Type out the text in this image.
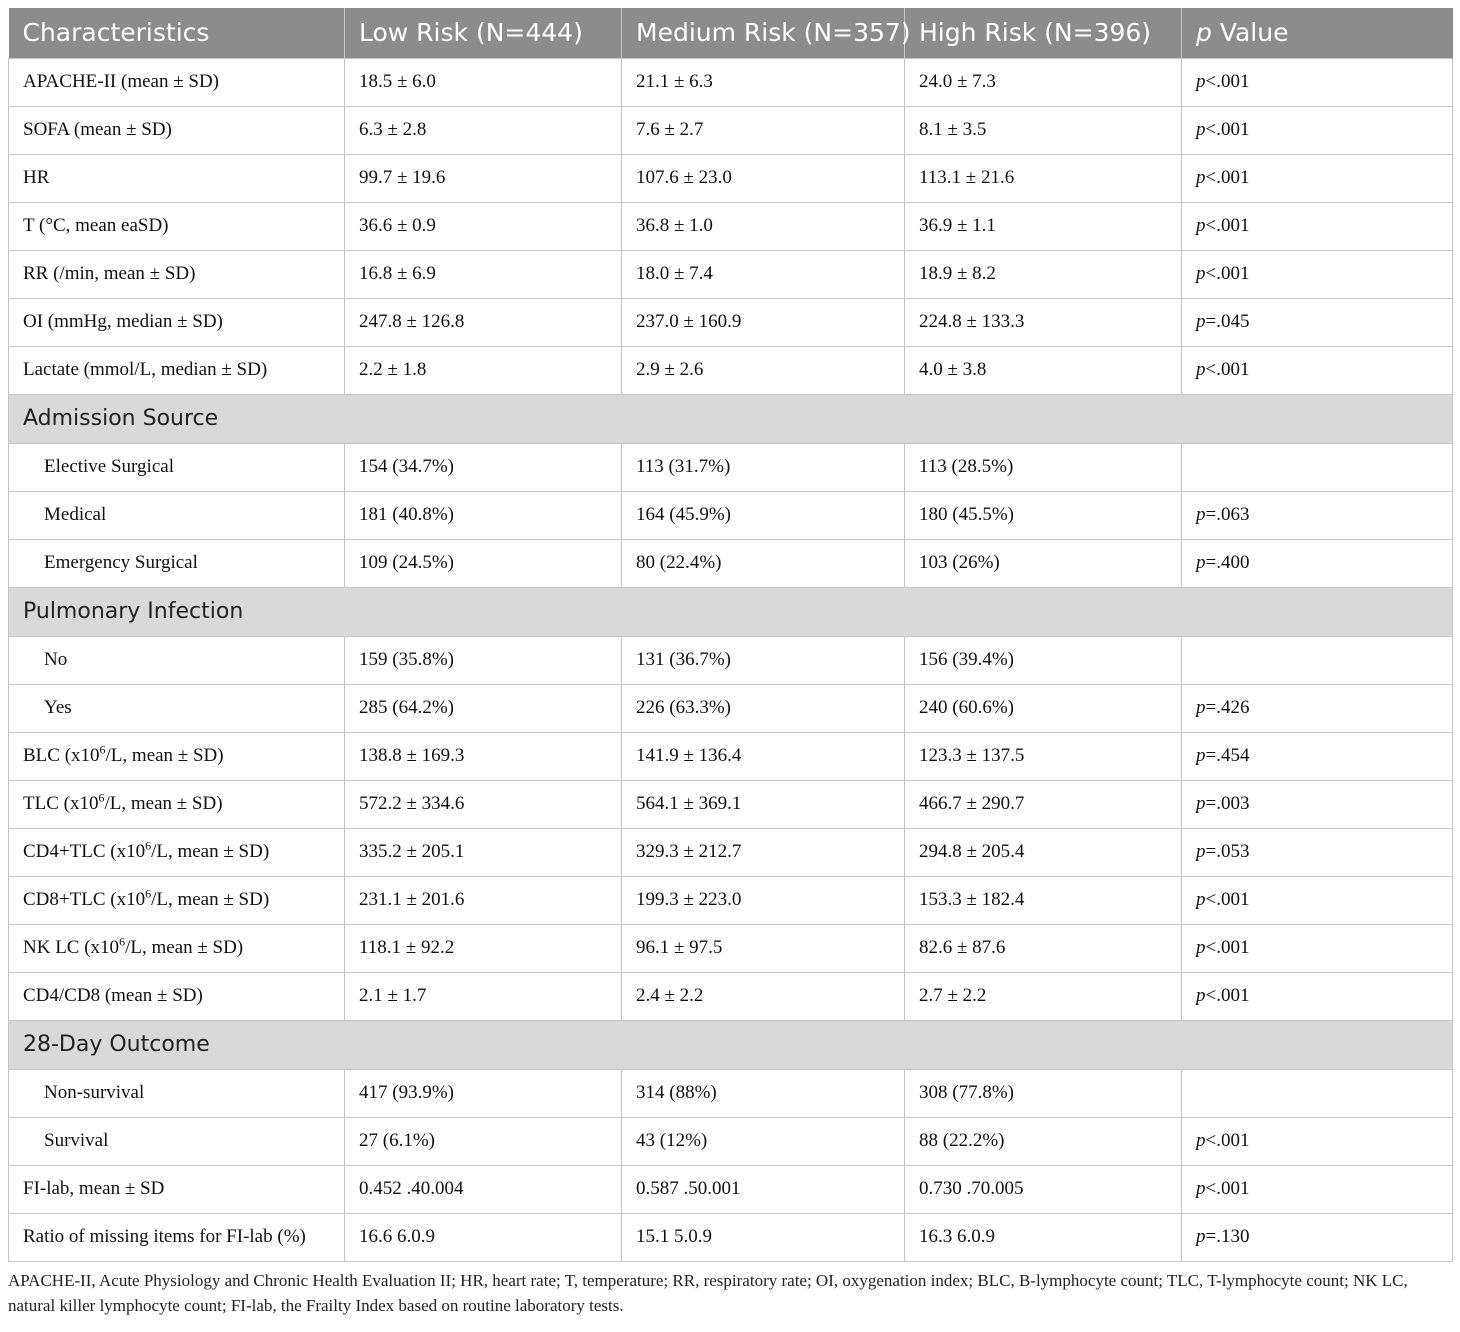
Characteristics	Low Risk (N=444)	Medium Risk (N=357)	High Risk (N=396)	p Value
APACHE-II (mean ± SD)	18.5 ± 6.0	21.1 ± 6.3	24.0 ± 7.3	p<.001
SOFA (mean ± SD)	6.3 ± 2.8	7.6 ± 2.7	8.1 ± 3.5	p<.001
HR	99.7 ± 19.6	107.6 ± 23.0	113.1 ± 21.6	p<.001
T (°C, mean eaSD)	36.6 ± 0.9	36.8 ± 1.0	36.9 ± 1.1	p<.001
RR (/min, mean ± SD)	16.8 ± 6.9	18.0 ± 7.4	18.9 ± 8.2	p<.001
OI (mmHg, median ± SD)	247.8 ± 126.8	237.0 ± 160.9	224.8 ± 133.3	p=.045
Lactate (mmol/L, median ± SD)	2.2 ± 1.8	2.9 ± 2.6	4.0 ± 3.8	p<.001
Admission Source				
Elective Surgical	154 (34.7%)	113 (31.7%)	113 (28.5%)	
Medical	181 (40.8%)	164 (45.9%)	180 (45.5%)	p=.063
Emergency Surgical	109 (24.5%)	80 (22.4%)	103 (26%)	p=.400
Pulmonary Infection				
No	159 (35.8%)	131 (36.7%)	156 (39.4%)	
Yes	285 (64.2%)	226 (63.3%)	240 (60.6%)	p=.426
BLC ($x10^6/L$, mean ± SD)	138.8 ± 169.3	141.9 ± 136.4	123.3 ± 137.5	p=.454
TLC ($x10^6/L$, mean ± SD)	572.2 ± 334.6	564.1 ± 369.1	466.7 ± 290.7	p=.003
CD4+TLC ($x10^6/L$, mean ± SD)	335.2 ± 205.1	329.3 ± 212.7	294.8 ± 205.4	p=.053
CD8+TLC ($x10^6/L$, mean ± SD)	231.1 ± 201.6	199.3 ± 223.0	153.3 ± 182.4	p<.001
NK LC ($x10^6/L$, mean ± SD)	118.1 ± 92.2	96.1 ± 97.5	82.6 ± 87.6	p<.001
CD4/CD8 (mean ± SD)	2.1 ± 1.7	2.4 ± 2.2	2.7 ± 2.2	p<.001
28-Day Outcome				
Non-survival	417 (93.9%)	314 (88%)	308 (77.8%)	
Survival	27 (6.1%)	43 (12%)	88 (22.2%)	p<.001
FI-lab, mean ± SD	0.452 .40.004	0.587 .50.001	0.730 .70.005	p<.001
Ratio of missing items for FI-lab (%)	16.6 6.0.9	15.1 5.0.9	16.3 6.0.9	p=.130
APACHE-II, Acute Physiology and Chronic Health Evaluation II; HR, heart rate; T, temperature; RR, respiratory rate; OI, oxygenation index; BLC, B-lymphocyte count; TLC, T-lymphocyte count; NK LC, natural killer lymphocyte count; FI-lab, the Frailty Index based on routine laboratory tests.
